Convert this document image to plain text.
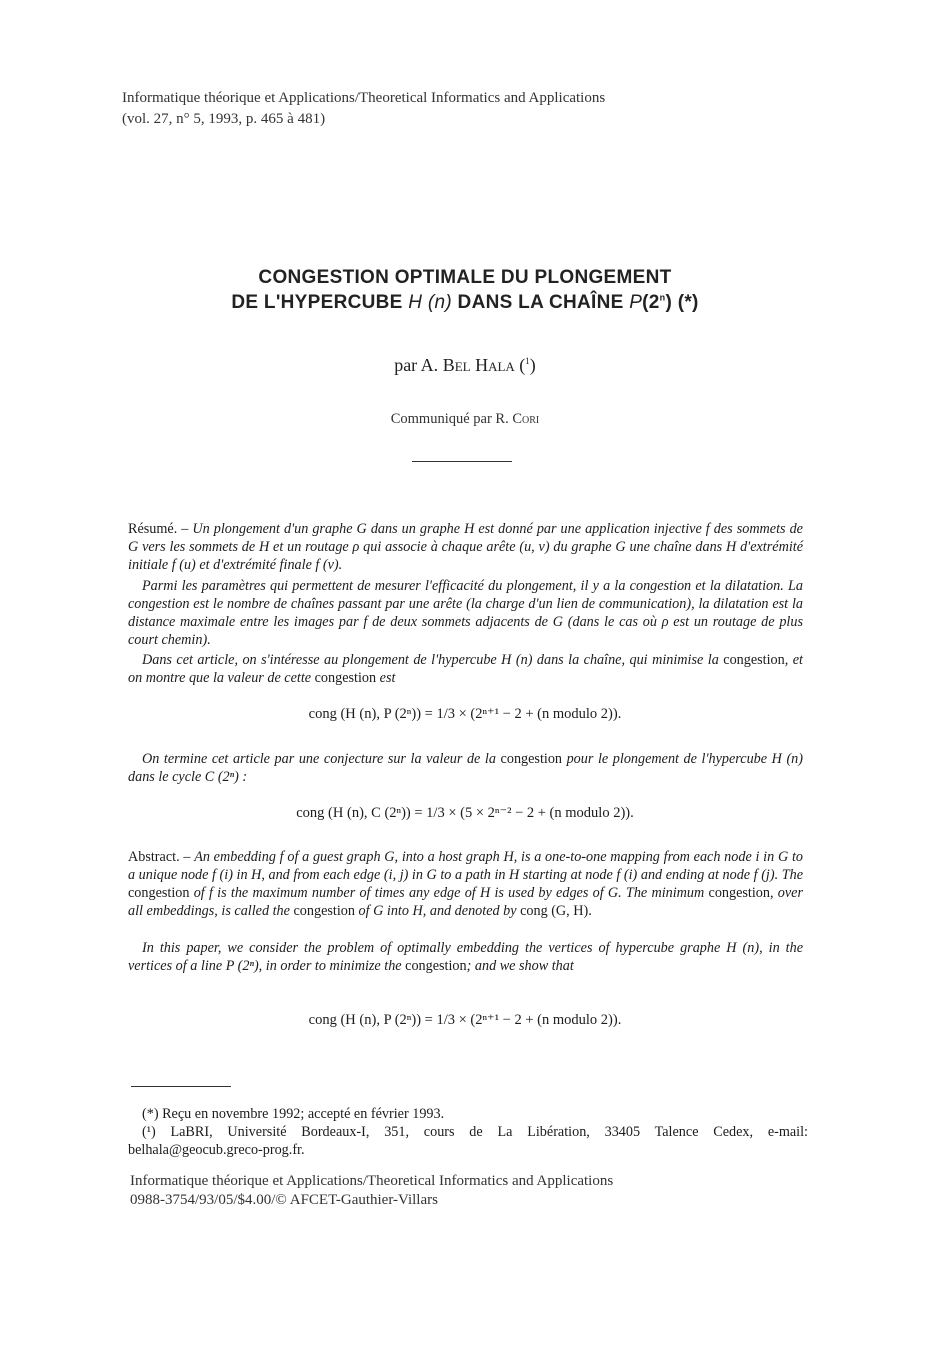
Informatique théorique et Applications/Theoretical Informatics and Applications
(vol. 27, n° 5, 1993, p. 465 à 481)
CONGESTION OPTIMALE DU PLONGEMENT
DE L'HYPERCUBE H (n) DANS LA CHAÎNE P(2$^n$) (*)
par A. Bel Hala ($^1$)
Communiqué par R. Cori

Résumé. – Un plongement d'un graphe G dans un graphe H est donné par une application injective f des sommets de G vers les sommets de H et un routage ρ qui associe à chaque arête (u, v) du graphe G une chaîne dans H d'extrémité initiale f (u) et d'extrémité finale f (v).

Parmi les paramètres qui permettent de mesurer l'efficacité du plongement, il y a la congestion et la dilatation. La congestion est le nombre de chaînes passant par une arête (la charge d'un lien de communication), la dilatation est la distance maximale entre les images par f de deux sommets adjacents de G (dans le cas où ρ est un routage de plus court chemin).

Dans cet article, on s'intéresse au plongement de l'hypercube H (n) dans la chaîne, qui minimise la congestion, et on montre que la valeur de cette congestion est

cong (H (n), P (2ⁿ)) = 1/3 × (2ⁿ⁺¹ − 2 + (n modulo 2)).

On termine cet article par une conjecture sur la valeur de la congestion pour le plongement de l'hypercube H (n) dans le cycle C (2ⁿ) :

cong (H (n), C (2ⁿ)) = 1/3 × (5 × 2ⁿ⁻² − 2 + (n modulo 2)).

Abstract. – An embedding f of a guest graph G, into a host graph H, is a one-to-one mapping from each node i in G to a unique node f (i) in H, and from each edge (i, j) in G to a path in H starting at node f (i) and ending at node f (j). The congestion of f is the maximum number of times any edge of H is used by edges of G. The minimum congestion, over all embeddings, is called the congestion of G into H, and denoted by cong (G, H).

In this paper, we consider the problem of optimally embedding the vertices of hypercube graphe H (n), in the vertices of a line P (2ⁿ), in order to minimize the congestion; and we show that

cong (H (n), P (2ⁿ)) = 1/3 × (2ⁿ⁺¹ − 2 + (n modulo 2)).
(*) Reçu en novembre 1992; accepté en février 1993.
(¹) LaBRI, Université Bordeaux-I, 351, cours de La Libération, 33405 Talence Cedex, e-mail: belhala@geocub.greco-prog.fr.
Informatique théorique et Applications/Theoretical Informatics and Applications
0988-3754/93/05/$4.00/© AFCET-Gauthier-Villars
